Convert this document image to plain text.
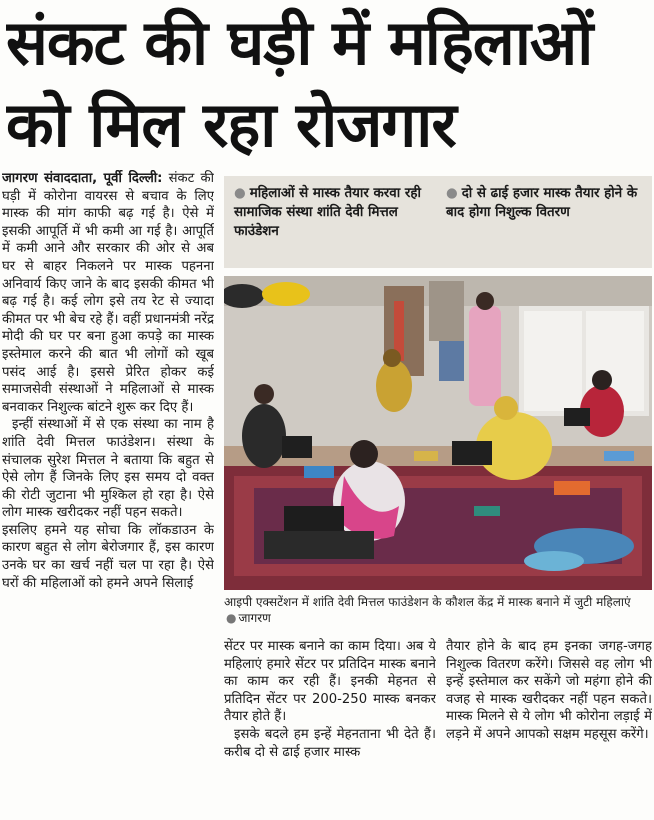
संकट की घड़ी में महिलाओं
को मिल रहा रोजगार

जागरण संवाददाता, पूर्वी दिल्ली: संकट की घड़ी में कोरोना वायरस से बचाव के लिए मास्क की मांग काफी बढ़ गई है। ऐसे में इसकी आपूर्ति में भी कमी आ गई है। आपूर्ति में कमी आने और सरकार की ओर से अब घर से बाहर निकलने पर मास्क पहनना अनिवार्य किए जाने के बाद इसकी कीमत भी बढ़ गई है। कई लोग इसे तय रेट से ज्यादा कीमत पर भी बेच रहे हैं। वहीं प्रधानमंत्री नरेंद्र मोदी की घर पर बना हुआ कपड़े का मास्क इस्तेमाल करने की बात भी लोगों को खूब पसंद आई है। इससे प्रेरित होकर कई समाजसेवी संस्थाओं ने महिलाओं से मास्क बनवाकर निशुल्क बांटने शुरू कर दिए हैं।

इन्हीं संस्थाओं में से एक संस्था का नाम है शांति देवी मित्तल फाउंडेशन। संस्था के संचालक सुरेश मित्तल ने बताया कि बहुत से ऐसे लोग हैं जिनके लिए इस समय दो वक्त की रोटी जुटाना भी मुश्किल हो रहा है। ऐसे लोग मास्क खरीदकर नहीं पहन सकते।

इसलिए हमने यह सोचा कि लॉकडाउन के कारण बहुत से लोग बेरोजगार हैं, इस कारण उनके घर का खर्च नहीं चल पा रहा है। ऐसे घरों की महिलाओं को हमने अपने सिलाई

● महिलाओं से मास्क तैयार करवा रही सामाजिक संस्था शांति देवी मित्तल फाउंडेशन
● दो से ढाई हजार मास्क तैयार होने के बाद होगा निशुल्क वितरण
आइपी एक्सटेंशन में शांति देवी मित्तल फाउंडेशन के कौशल केंद्र में मास्क बनाने में जुटी महिलाएं ● जागरण

सेंटर पर मास्क बनाने का काम दिया। अब ये महिलाएं हमारे सेंटर पर प्रतिदिन मास्क बनाने का काम कर रही हैं। इनकी मेहनत से प्रतिदिन सेंटर पर 200-250 मास्क बनकर तैयार होते हैं।

इसके बदले हम इन्हें मेहनताना भी देते हैं। करीब दो से ढाई हजार मास्क

तैयार होने के बाद हम इनका जगह-जगह निशुल्क वितरण करेंगे। जिससे वह लोग भी इन्हें इस्तेमाल कर सकेंगे जो महंगा होने की वजह से मास्क खरीदकर नहीं पहन सकते। मास्क मिलने से ये लोग भी कोरोना लड़ाई में लड़ने में अपने आपको सक्षम महसूस करेंगे।
